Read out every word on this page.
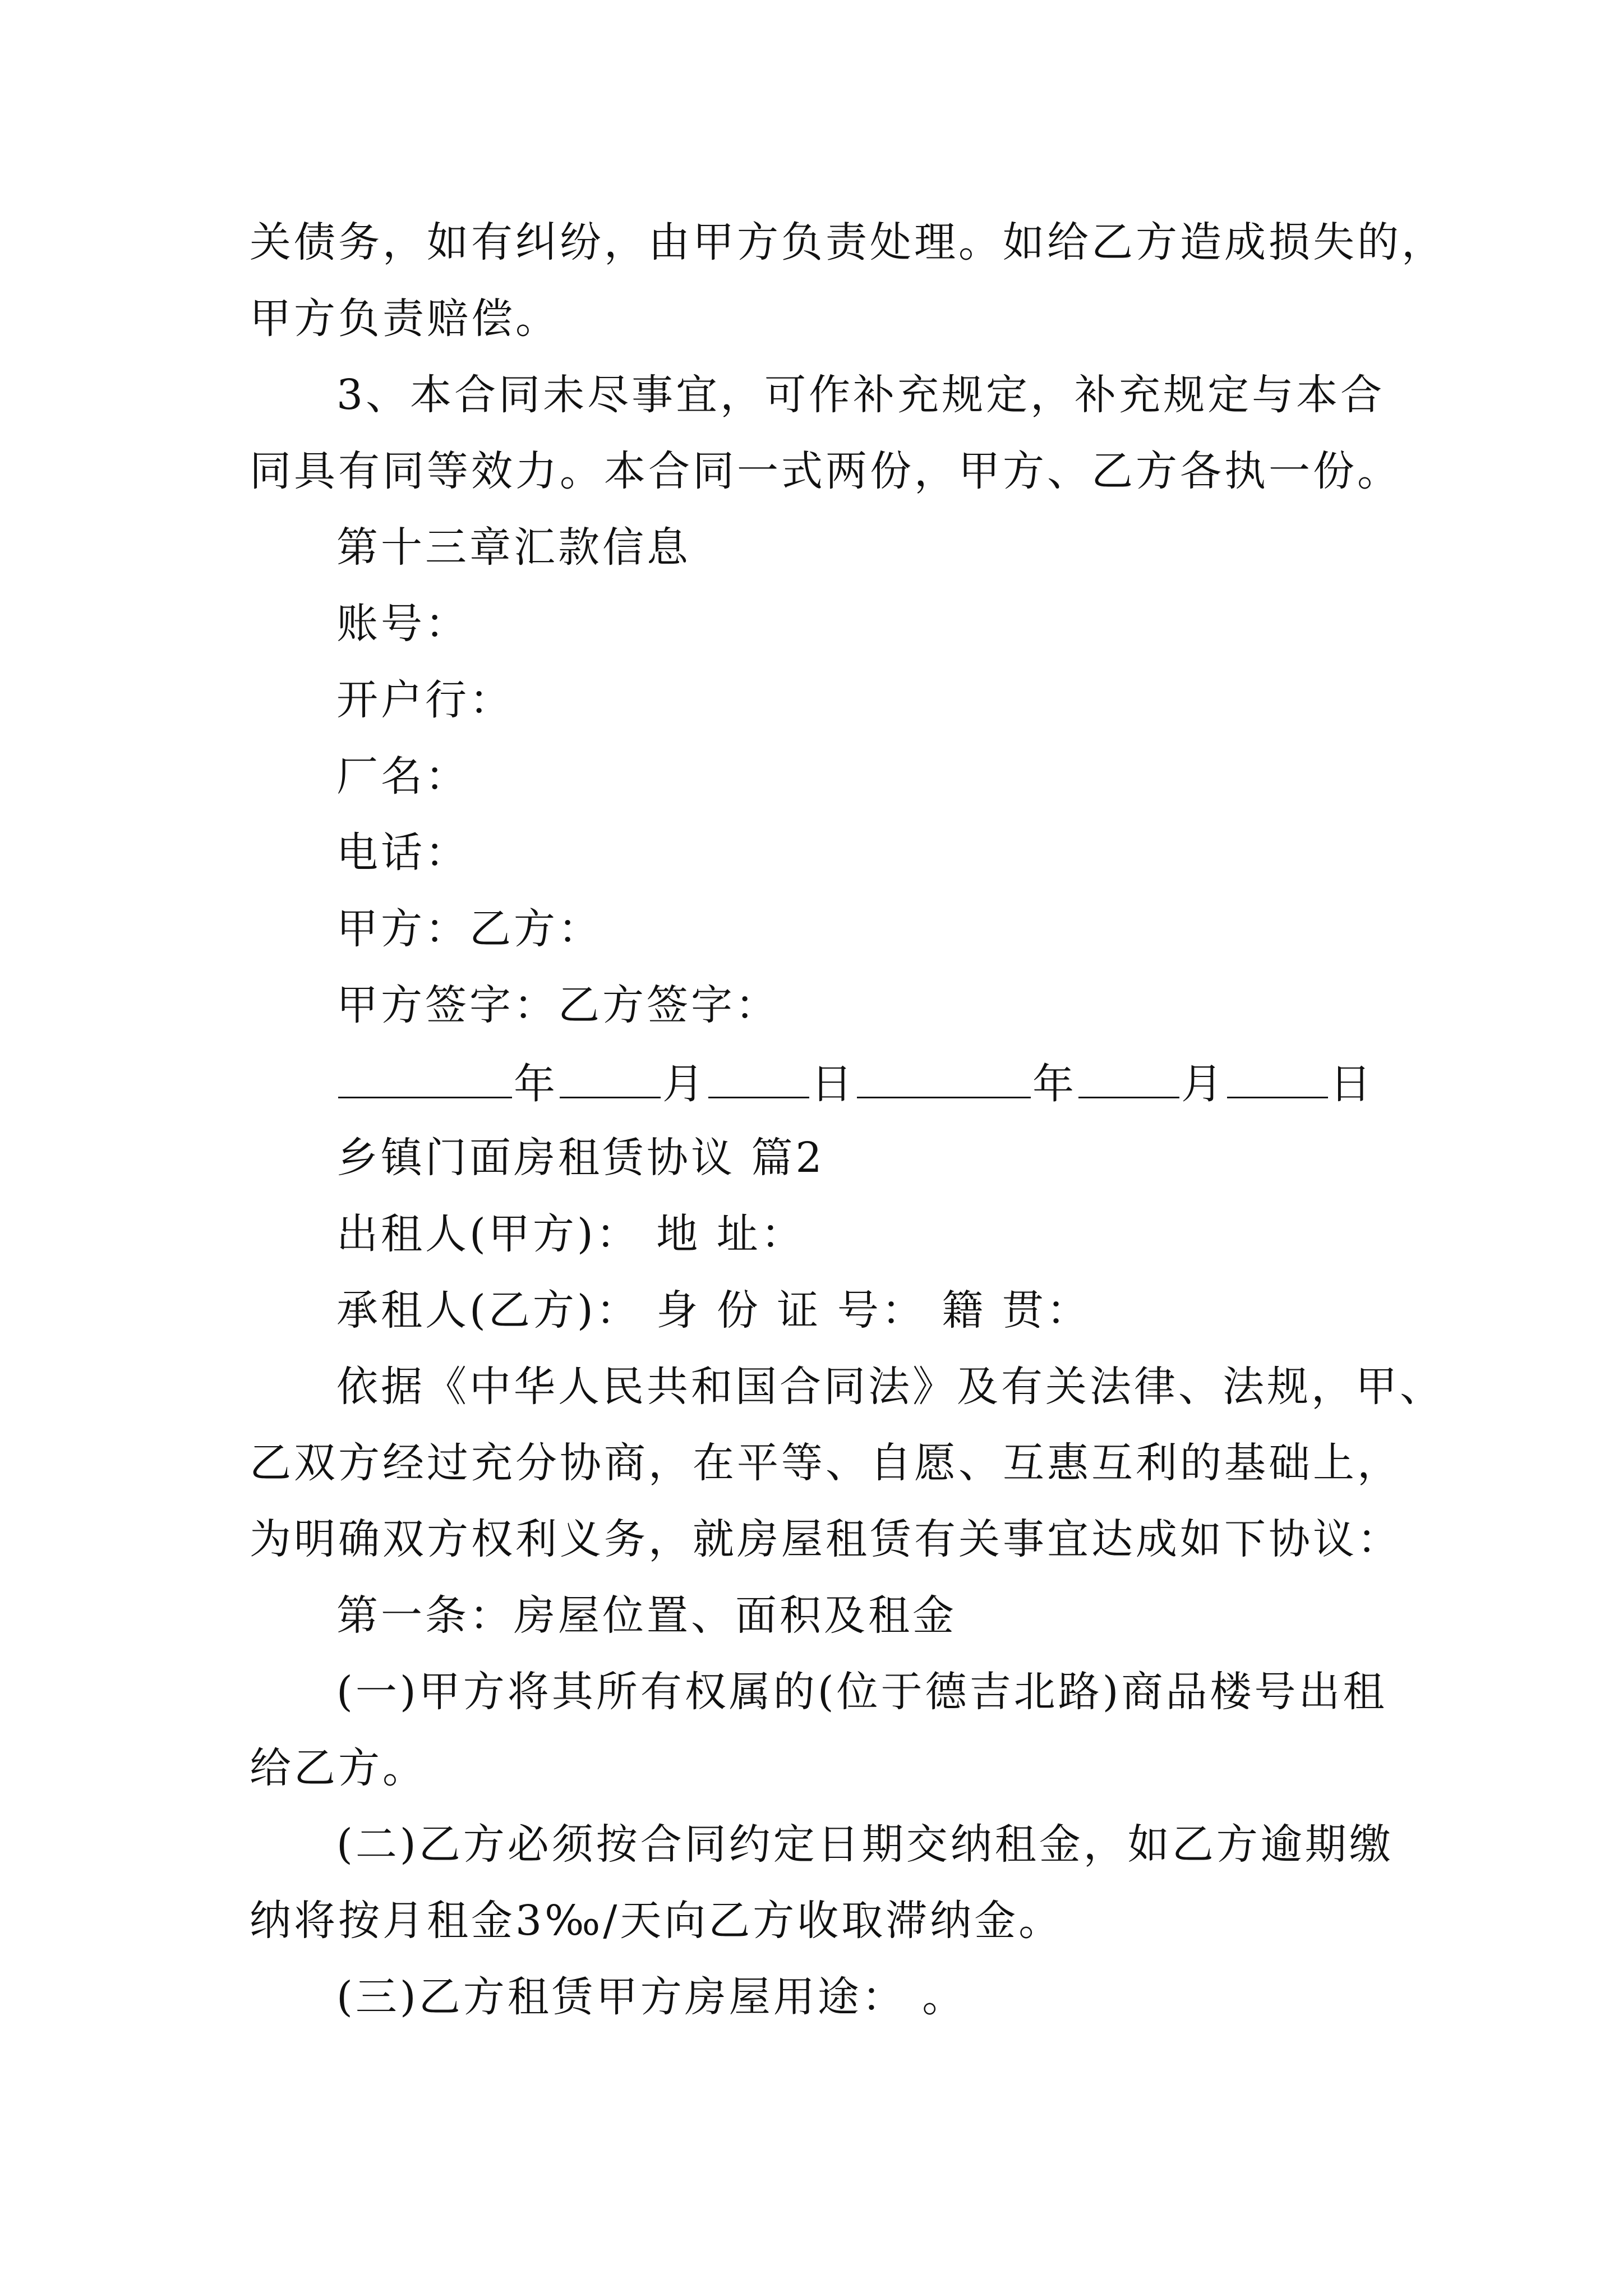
关债务，如有纠纷，由甲方负责处理。如给乙方造成损失的，
甲方负责赔偿。
3、本合同未尽事宜，可作补充规定，补充规定与本合
同具有同等效力。本合同一式两份，甲方、乙方各执一份。
第十三章汇款信息
账号：
开户行：
厂名：
电话：
甲方：乙方：
甲方签字：乙方签字：
年	月	日	年	月	日
乡镇门面房租赁协议 篇2
出租人(甲方)： 地 址：
承租人(乙方)： 身 份 证 号： 籍 贯：
依据《中华人民共和国合同法》及有关法律、法规，甲、
乙双方经过充分协商，在平等、自愿、互惠互利的基础上，
为明确双方权利义务，就房屋租赁有关事宜达成如下协议：
第一条：房屋位置、面积及租金
(一)甲方将其所有权属的(位于德吉北路)商品楼号出租
给乙方。
(二)乙方必须按合同约定日期交纳租金，如乙方逾期缴
纳将按月租金3‰/天向乙方收取滞纳金。
(三)乙方租赁甲方房屋用途： 。
